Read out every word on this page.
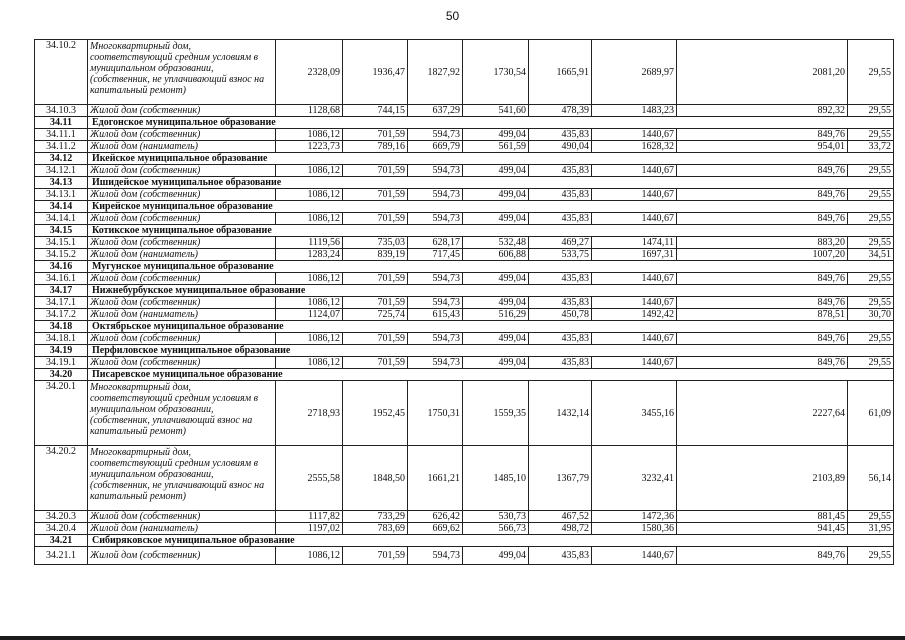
50
34.10.2	Многоквартирный дом, соответствующий средним условиям в муниципальном образовании, (собственник, не уплачивающий взнос на капитальный ремонт)	2328,09	1936,47	1827,92	1730,54	1665,91	2689,97	2081,20	29,55
34.10.3	Жилой дом (собственник)	1128,68	744,15	637,29	541,60	478,39	1483,23	892,32	29,55
34.11	Едогонское муниципальное образование								
34.11.1	Жилой дом (собственник)	1086,12	701,59	594,73	499,04	435,83	1440,67	849,76	29,55
34.11.2	Жилой дом (наниматель)	1223,73	789,16	669,79	561,59	490,04	1628,32	954,01	33,72
34.12	Икейское муниципальное образование								
34.12.1	Жилой дом (собственник)	1086,12	701,59	594,73	499,04	435,83	1440,67	849,76	29,55
34.13	Ишидейское муниципальное образование								
34.13.1	Жилой дом (собственник)	1086,12	701,59	594,73	499,04	435,83	1440,67	849,76	29,55
34.14	Кирейское муниципальное образование								
34.14.1	Жилой дом (собственник)	1086,12	701,59	594,73	499,04	435,83	1440,67	849,76	29,55
34.15	Котикское муниципальное образование								
34.15.1	Жилой дом (собственник)	1119,56	735,03	628,17	532,48	469,27	1474,11	883,20	29,55
34.15.2	Жилой дом (наниматель)	1283,24	839,19	717,45	606,88	533,75	1697,31	1007,20	34,51
34.16	Мугунское муниципальное образование								
34.16.1	Жилой дом (собственник)	1086,12	701,59	594,73	499,04	435,83	1440,67	849,76	29,55
34.17	Нижнебурбукское муниципальное образование								
34.17.1	Жилой дом (собственник)	1086,12	701,59	594,73	499,04	435,83	1440,67	849,76	29,55
34.17.2	Жилой дом (наниматель)	1124,07	725,74	615,43	516,29	450,78	1492,42	878,51	30,70
34.18	Октябрьское муниципальное образование								
34.18.1	Жилой дом (собственник)	1086,12	701,59	594,73	499,04	435,83	1440,67	849,76	29,55
34.19	Перфиловское муниципальное образование								
34.19.1	Жилой дом (собственник)	1086,12	701,59	594,73	499,04	435,83	1440,67	849,76	29,55
34.20	Писаревское муниципальное образование								
34.20.1	Многоквартирный дом, соответствующий средним условиям в муниципальном образовании, (собственник, уплачивающий взнос на капитальный ремонт)	2718,93	1952,45	1750,31	1559,35	1432,14	3455,16	2227,64	61,09
34.20.2	Многоквартирный дом, соответствующий средним условиям в муниципальном образовании, (собственник, не уплачивающий взнос на капитальный ремонт)	2555,58	1848,50	1661,21	1485,10	1367,79	3232,41	2103,89	56,14
34.20.3	Жилой дом (собственник)	1117,82	733,29	626,42	530,73	467,52	1472,36	881,45	29,55
34.20.4	Жилой дом (наниматель)	1197,02	783,69	669,62	566,73	498,72	1580,36	941,45	31,95
34.21	Сибиряковское муниципальное образование								
34.21.1	Жилой дом (собственник)	1086,12	701,59	594,73	499,04	435,83	1440,67	849,76	29,55
